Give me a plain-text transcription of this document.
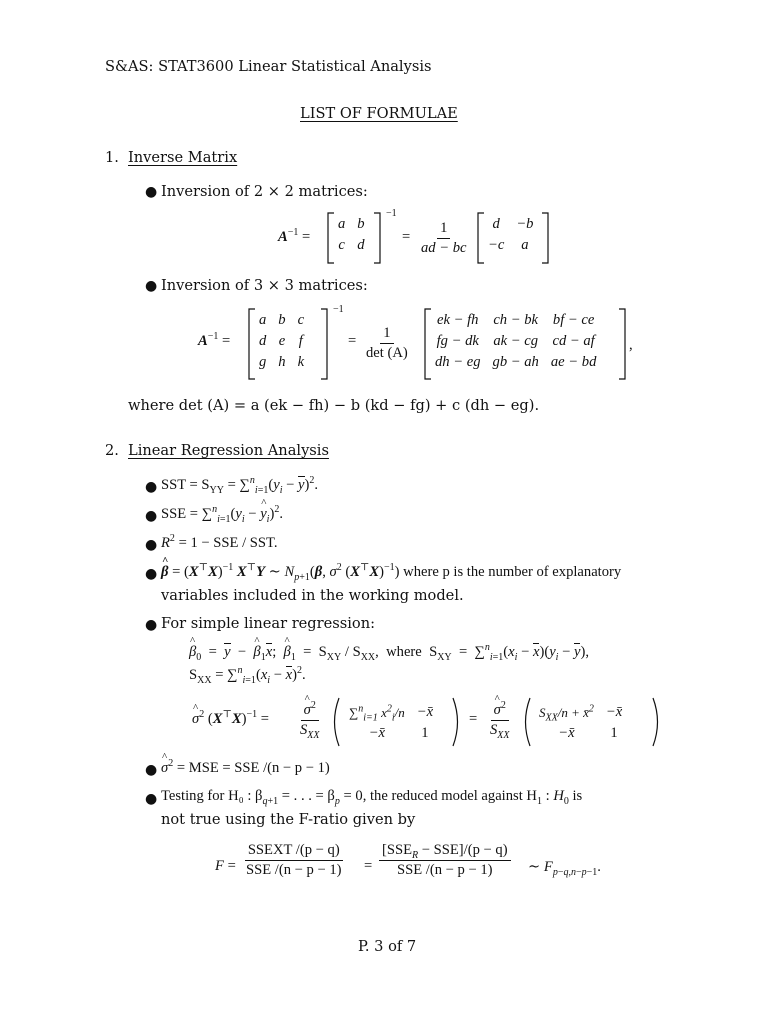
S&AS: STAT3600 Linear Statistical Analysis
LIST OF FORMULAE
1. Inverse Matrix
● Inversion of 2 × 2 matrices:
$A^{-1}$ =
a	b
c	d
−1
= $\frac{1}{ad - bc}$ d	−b
−c	a
● Inversion of 3 × 3 matrices:
$A^{-1}$ =
a	b	c
d	e	f
g	h	k
−1
= $\frac{1}{\det (A)}$
ek − fh	ch − bk	bf − ce
fg − dk	ak − cg	cd − af
dh − eg	gb − ah	ae − bd
,
where det (A) = a (ek − fh) − b (kd − fg) + c (dh − eg).
2. Linear Regression Analysis
● SST = $S_{YY} = \sum^n_{i=1}(y_i - y)^2$.
● SSE = $\sum^n_{i=1}(y_i$ − ^ $y_i)^2$.
● $R^2 = 1$ − SSE / SST.
● ^ $\beta = (X^⊤X)^{-1}$ X⊤Y ∼ $N_{p+1}(\beta$, $\sigma^2$ $(X^⊤X)^{-1}$) where p is the number of explanatory
variables included in the working model.
● For simple linear regression:
^ $\beta_0 = y$  −  ^ $\beta_1x$;  ^ $\beta_1 = S_{XY} / S_{XX}$,  where  $S_{XY} = \sum^n_{i=1}(x_i - x)(y_i - y)$,
$S_{XX} = \sum^n_{i=1}(x_i - x)^2$.
^ $\sigma^2$ $(X^⊤X)^{-1}$ = ^ $\frac{\sigma^2}{S_{XX}} \sum^n_{i=1}$ $x^2_i/n$	−x̄
−x̄	1
= ^ $\frac{\sigma^2}{S_{XX}} S_{XX}/n$ + x̄$^2$	−x̄
−x̄	1
● ^ $\sigma^2$ = MSE = SSE /(n − p − 1)
● Testing for H₀ : $\beta_{q+1}$ = . . . = $\beta_p = 0$, the reduced model against $H_1$ : $H_0$ is
not true using the F-ratio given by
$F = \frac{\text{SSEXT /(p − q)}}{\text{SSE /(n − p − 1)}} = \frac{[SSE_R - SSE]/(p - q)}{\text{SSE /(n − p − 1)}}$ ∼ $F_{p-q,n-p-1}$.
P. 3 of 7
